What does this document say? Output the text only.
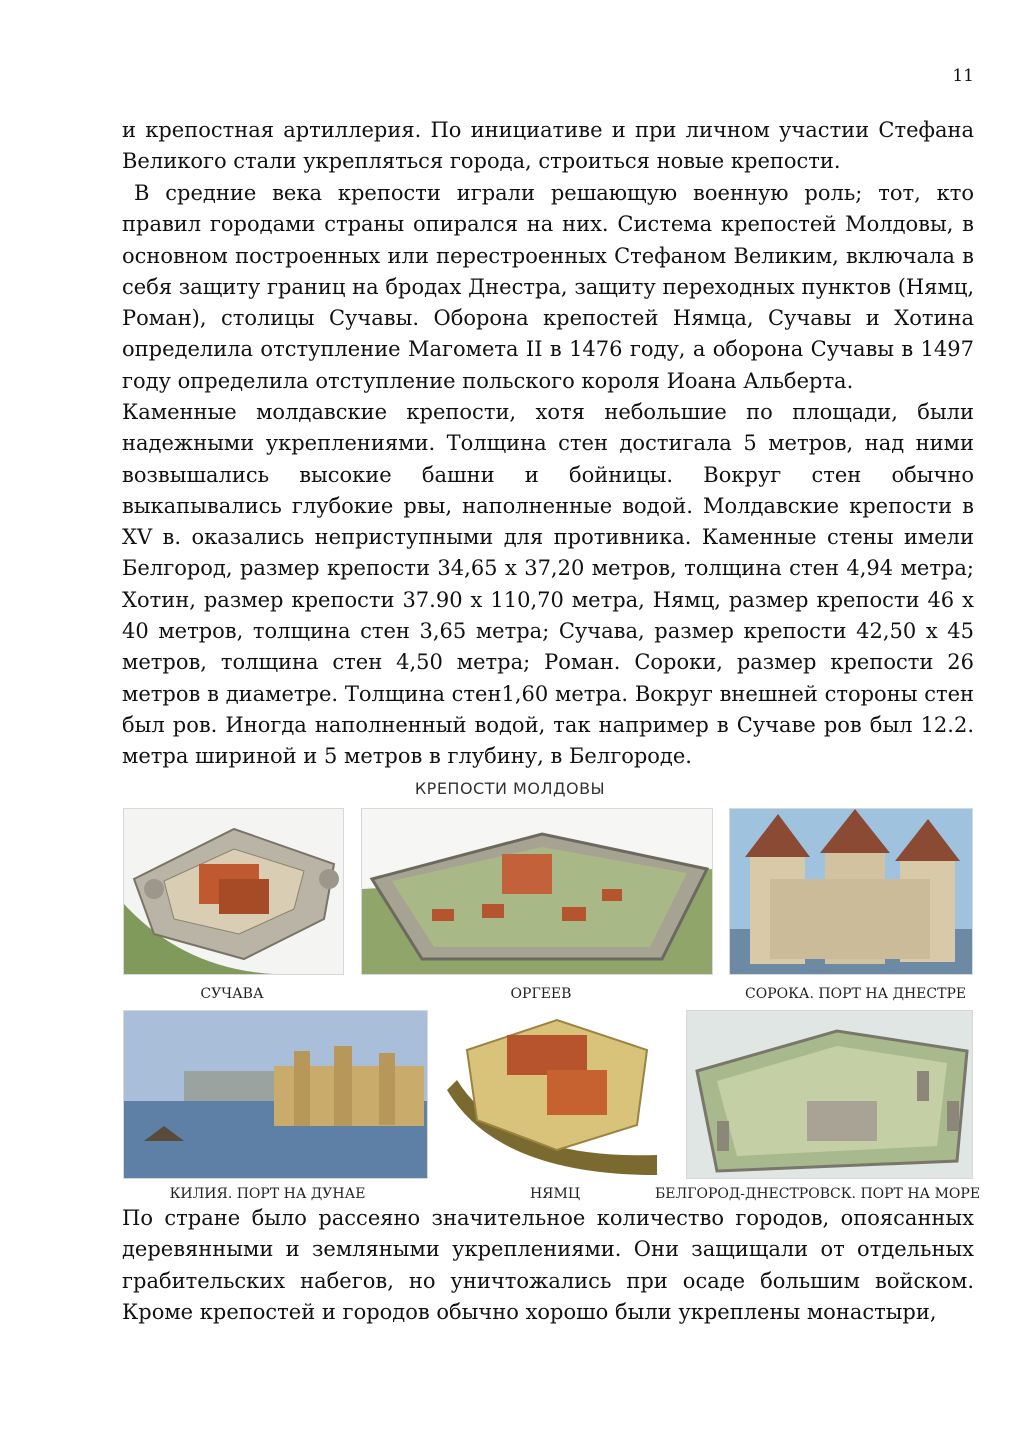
11

и крепостная артиллерия. По инициативе и при личном участии Стефана Великого стали укрепляться города, строиться новые крепости.

В средние века крепости играли решающую военную роль; тот, кто правил городами страны опирался на них. Система крепостей Молдовы, в основном построенных или перестроенных Стефаном Великим, включала в себя защиту границ на бродах Днестра, защиту переходных пунктов (Нямц, Роман), столицы Сучавы. Оборона крепостей Нямца, Сучавы и Хотина определила отступление Магомета II в 1476 году, а оборона Сучавы в 1497 году определила отступление польского короля Иоана Альберта.

Каменные молдавские крепости, хотя небольшие по площади, были надежными укреплениями. Толщина стен достигала 5 метров, над ними возвышались высокие башни и бойницы. Вокруг стен обычно выкапывались глубокие рвы, наполненные водой. Молдавские крепости в XV в. оказались неприступными для противника. Каменные стены имели Белгород, размер крепости 34,65 х 37,20 метров, толщина стен 4,94 метра; Хотин, размер крепости 37.90 х 110,70 метра, Нямц, размер крепости 46 х 40 метров, толщина стен 3,65 метра; Сучава, размер крепости 42,50 х 45 метров, толщина стен 4,50 метра; Роман. Сороки, размер крепости 26 метров в диаметре. Толщина стен1,60 метра. Вокруг внешней стороны стен был ров. Иногда наполненный водой, так например в Сучаве ров был 12.2. метра шириной и 5 метров в глубину, в Белгороде.

КРЕПОСТИ МОЛДОВЫ
СУЧАВА	ОРГЕЕВ	СОРОКА. ПОРТ НА ДНЕСТРЕ
КИЛИЯ. ПОРТ НА ДУНАЕ	НЯМЦ	БЕЛГОРОД-ДНЕСТРОВСК. ПОРТ НА МОРЕ

По стране было рассеяно значительное количество городов, опоясанных деревянными и земляными укреплениями. Они защищали от отдельных грабительских набегов, но уничтожались при осаде большим войском. Кроме крепостей и городов обычно хорошо были укреплены монастыри,
